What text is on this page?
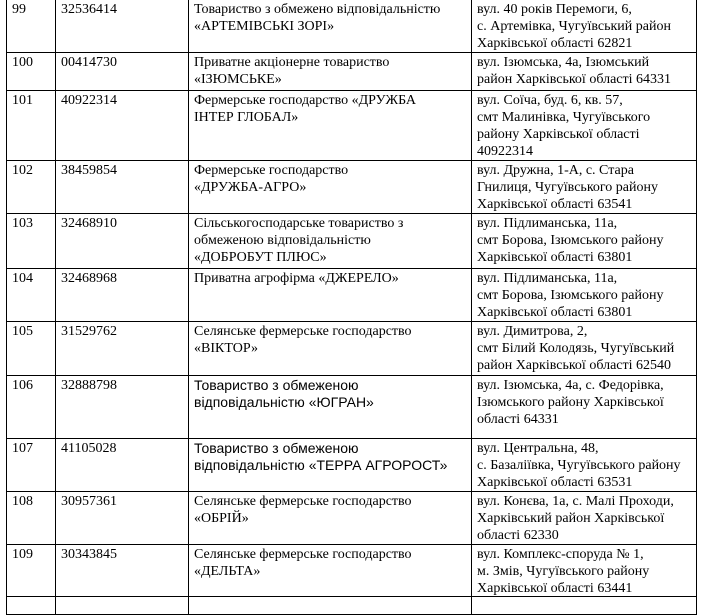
99	32536414	Товариство з обмежено відповідальністю
«АРТЕМІВСЬКІ ЗОРІ»	вул. 40 років Перемоги, 6,
с. Артемівка, Чугуївський район
Харківської області 62821

100	00414730	Приватне акціонерне товариство
«ІЗЮМСЬКЕ»	вул. Ізюмська, 4а, Ізюмський
район Харківської області 64331

101	40922314	Фермерське господарство «ДРУЖБА
ІНТЕР ГЛОБАЛ»	вул. Соїча, буд. 6, кв. 57,
смт Малинівка, Чугуївського
району Харківської області
40922314

102	38459854	Фермерське господарство
«ДРУЖБА-АГРО»	вул. Дружна, 1-А, с. Стара
Гнилиця, Чугуївського району
Харківської області 63541

103	32468910	Сільськогосподарське товариство з
обмеженою відповідальністю
«ДОБРОБУТ ПЛЮС»	вул. Підлиманська, 11а,
смт Борова, Ізюмського району
Харківської області 63801

104	32468968	Приватна агрофірма «ДЖЕРЕЛО»	вул. Підлиманська, 11а,
смт Борова, Ізюмського району
Харківської області 63801

105	31529762	Селянське фермерське господарство
«ВІКТОР»	вул. Димитрова, 2,
смт Білий Колодязь, Чугуївський
район Харківської області 62540

106	32888798	Товариство з обмеженою
відповідальністю «ЮГРАН»	вул. Ізюмська, 4а, с. Федорівка,
Ізюмського району Харківської
області 64331

107	41105028	Товариство з обмеженою
відповідальністю «ТЕРРА АГРОРОСТ»	вул. Центральна, 48,
с. Базаліївка, Чугуївського району
Харківської області 63531

108	30957361	Селянське фермерське господарство
«ОБРІЙ»	вул. Конєва, 1а, с. Малі Проходи,
Харківський район Харківської
області 62330

109	30343845	Селянське фермерське господарство
«ДЕЛЬТА»	вул. Комплекс-споруда № 1,
м. Змів, Чугуївського району
Харківської області 63441
